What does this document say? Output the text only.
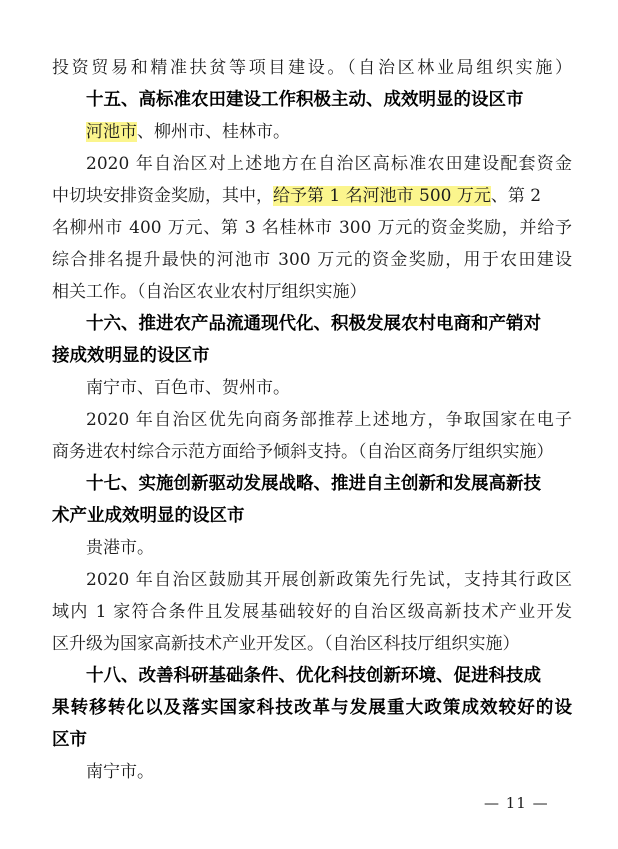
投资贸易和精准扶贫等项目建设。（自治区林业局组织实施）
十五、高标准农田建设工作积极主动、成效明显的设区市
河池市、柳州市、桂林市。
2020 年自治区对上述地方在自治区高标准农田建设配套资金
中切块安排资金奖励，其中，给予第 1 名河池市 500 万元、第 2
名柳州市 400 万元、第 3 名桂林市 300 万元的资金奖励，并给予
综合排名提升最快的河池市 300 万元的资金奖励，用于农田建设
相关工作。（自治区农业农村厅组织实施）
十六、推进农产品流通现代化、积极发展农村电商和产销对
接成效明显的设区市
南宁市、百色市、贺州市。
2020 年自治区优先向商务部推荐上述地方，争取国家在电子
商务进农村综合示范方面给予倾斜支持。（自治区商务厅组织实施）
十七、实施创新驱动发展战略、推进自主创新和发展高新技
术产业成效明显的设区市
贵港市。
2020 年自治区鼓励其开展创新政策先行先试，支持其行政区
域内 1 家符合条件且发展基础较好的自治区级高新技术产业开发
区升级为国家高新技术产业开发区。（自治区科技厅组织实施）
十八、改善科研基础条件、优化科技创新环境、促进科技成
果转移转化以及落实国家科技改革与发展重大政策成效较好的设
区市
南宁市。
— 11 —
